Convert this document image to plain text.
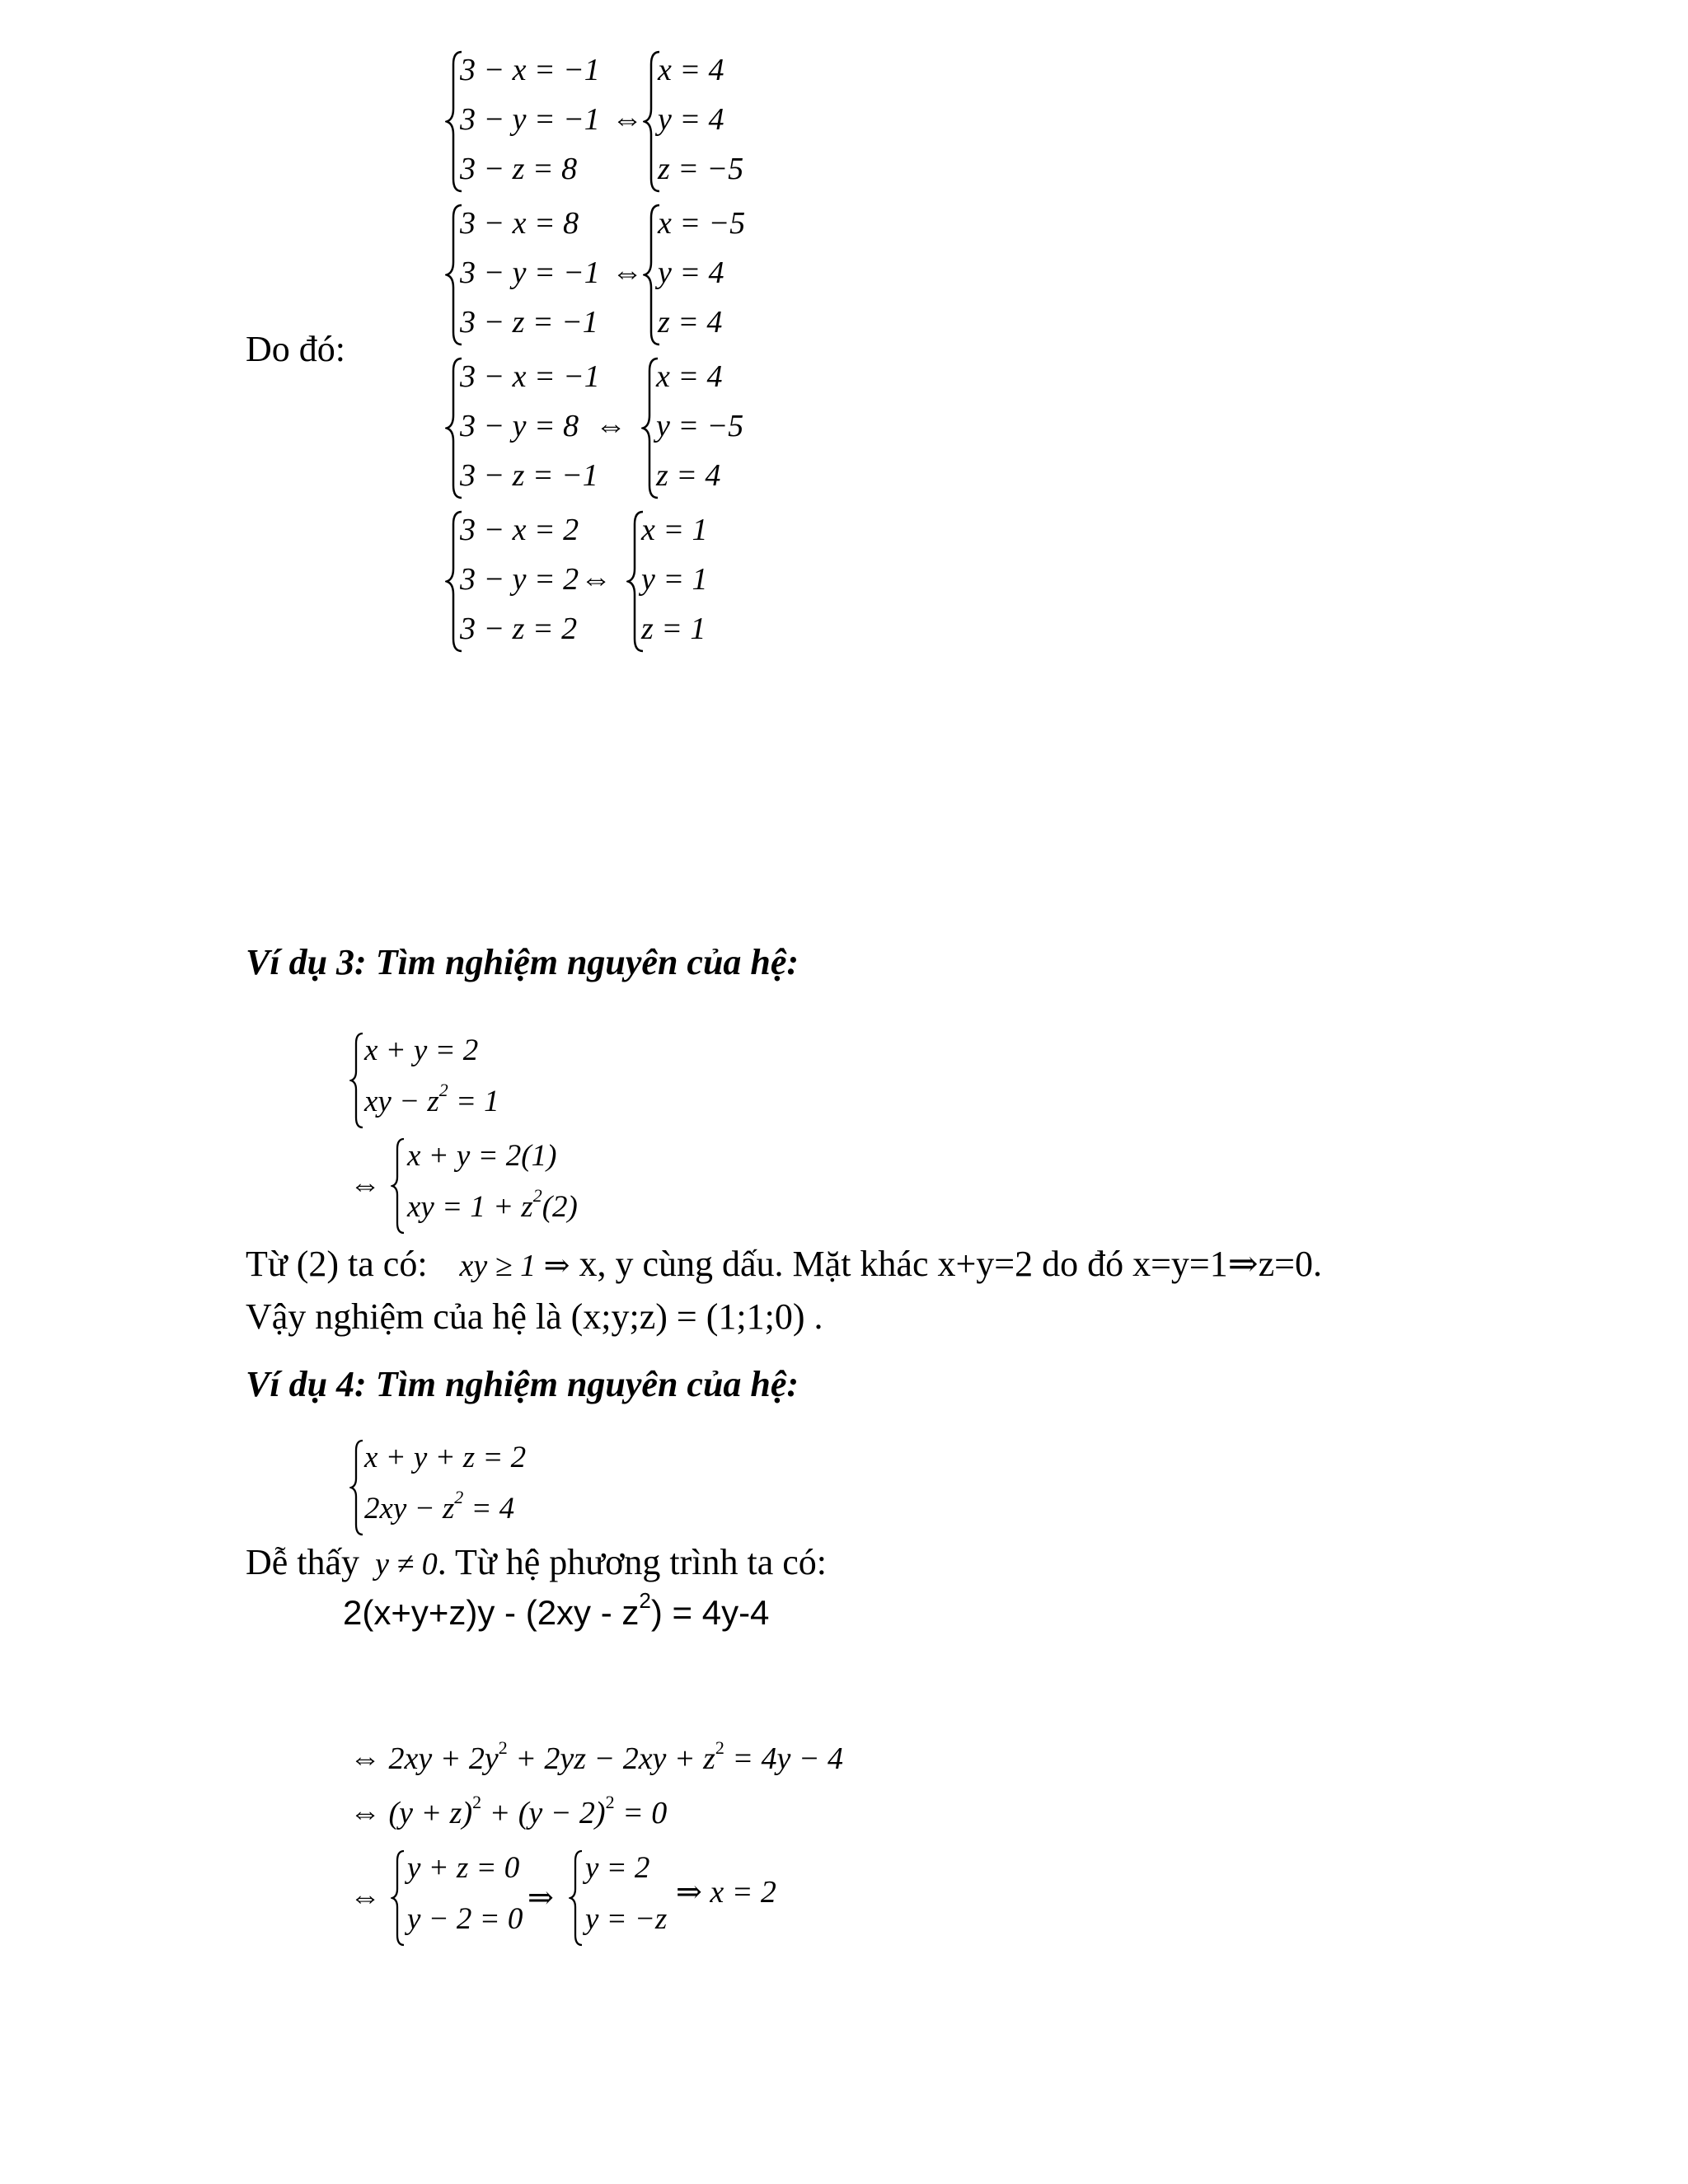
Do đó:
3 − x = −1
3 − y = −1
3 − z = 8
⇔
x = 4
y = 4
z = −5
3 − x = 8
3 − y = −1
3 − z = −1
⇔
x = −5
y = 4
z = 4
3 − x = −1
3 − y = 8
3 − z = −1
⇔
x = 4
y = −5
z = 4
3 − x = 2
3 − y = 2
3 − z = 2
⇔
x = 1
y = 1
z = 1
Ví dụ 3: Tìm nghiệm nguyên của hệ:
x + y = 2
xy − $z^2 = 1$
⇔
x + y = 2(1)
xy = $1 + z^2(2)$
Từ (2) ta có: xy ≥ 1 ⇒ x, y cùng dấu. Mặt khác x+y=2 do đó x=y=1⇒z=0.
Vậy nghiệm của hệ là (x;y;z) = (1;1;0) .
Ví dụ 4: Tìm nghiệm nguyên của hệ:
x + y + z = 2
$2xy - z^2 = 4$
Dễ thấy y ≠ 0. Từ hệ phương trình ta có:
$2(x+y+z)y - (2xy - z^2) = 4y-4$
⇔ $2xy + 2y^2 + 2yz - 2xy + z^2 = 4y - 4$
⇔ $(y + z)^2 + (y - 2)^2 = 0$
⇔
y + z = 0
y − 2 = 0
⇒
y = 2
y = −z
⇒ x = 2
